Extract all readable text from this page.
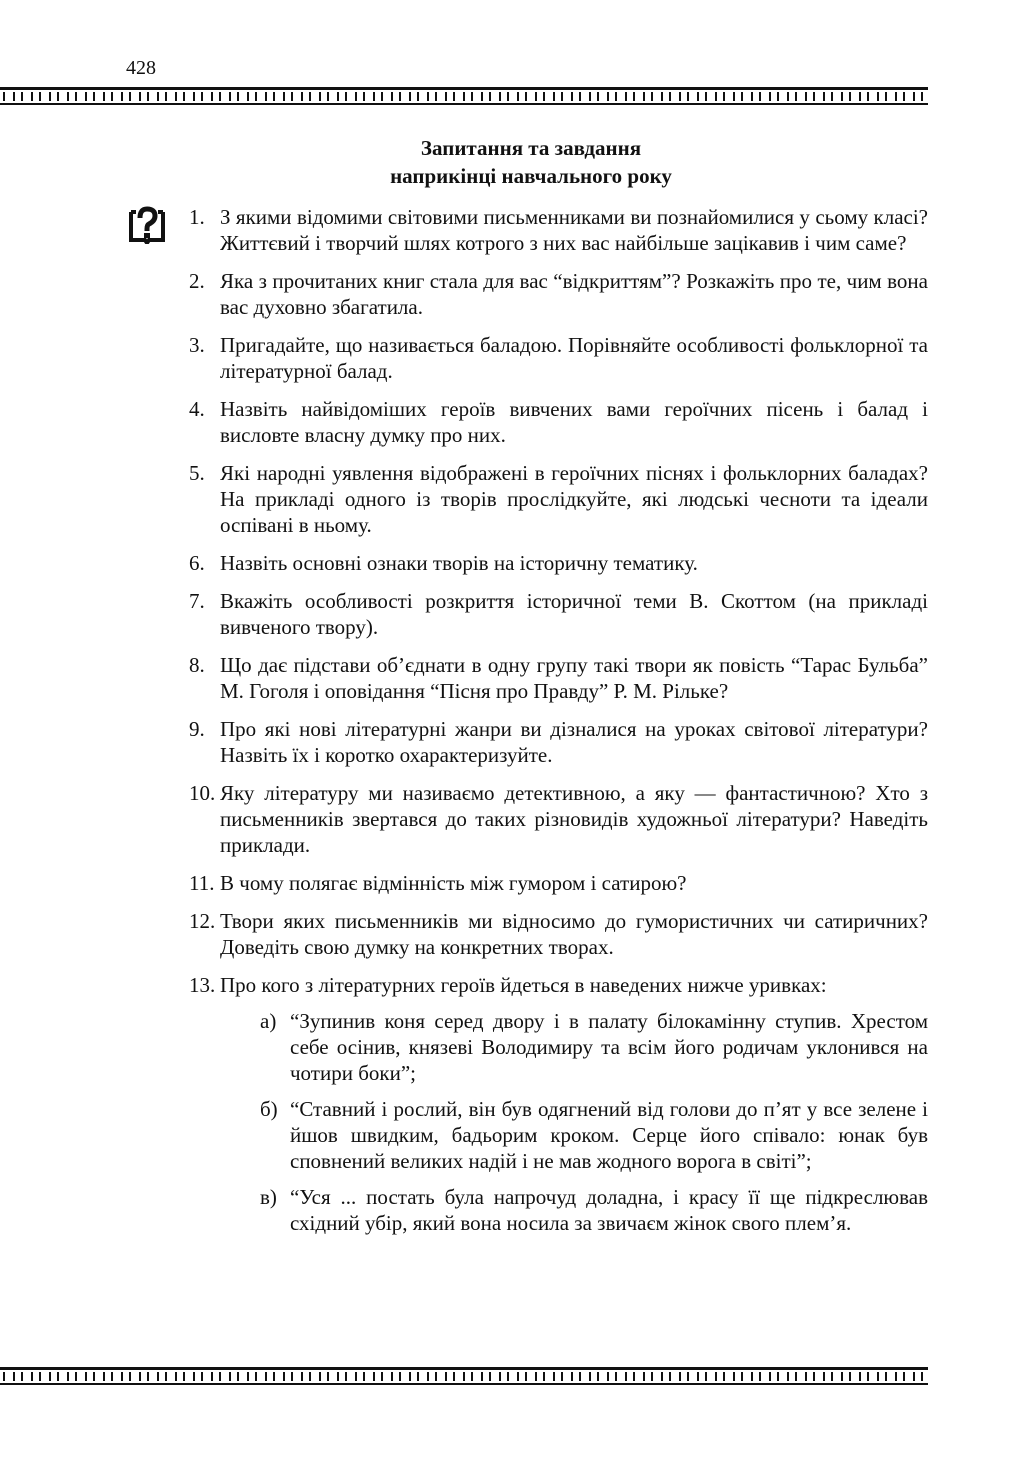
428
Запитання та завдання
наприкінці навчального року
1. З якими відомими світовими письменниками ви познайомилися у сьому класі? Життєвий і творчий шлях котрого з них вас найбільше зацікавив і чим саме?
2. Яка з прочитаних книг стала для вас “відкриттям”? Розкажіть про те, чим вона вас духовно збагатила.
3. Пригадайте, що називається баладою. Порівняйте особливості фольклорної та літературної балад.
4. Назвіть найвідоміших героїв вивчених вами героїчних пісень і балад і висловте власну думку про них.
5. Які народні уявлення відображені в героїчних піснях і фольклорних баладах? На прикладі одного із творів прослідкуйте, які людські чесноти та ідеали оспівані в ньому.
6. Назвіть основні ознаки творів на історичну тематику.
7. Вкажіть особливості розкриття історичної теми В. Скоттом (на прикладі вивченого твору).
8. Що дає підстави об’єднати в одну групу такі твори як повість “Тарас Бульба” М. Гоголя і оповідання “Пісня про Правду” Р. М. Рільке?
9. Про які нові літературні жанри ви дізналися на уроках світової літератури? Назвіть їх і коротко охарактеризуйте.
10. Яку літературу ми називаємо детективною, а яку — фантастичною? Хто з письменників звертався до таких різновидів художньої літератури? Наведіть приклади.
11. В чому полягає відмінність між гумором і сатирою?
12. Твори яких письменників ми відносимо до гумористичних чи сатиричних? Доведіть свою думку на конкретних творах.
13. Про кого з літературних героїв йдеться в наведених нижче уривках:
а) “Зупинив коня серед двору і в палату білокамінну ступив. Хрестом себе осінив, князеві Володимиру та всім його родичам уклонився на чотири боки”;
б) “Ставний і рослий, він був одягнений від голови до п’ят у все зелене і йшов швидким, бадьорим кроком. Серце його співало: юнак був сповнений великих надій і не мав жодного ворога в світі”;
в) “Уся ... постать була напрочуд доладна, і красу її ще підкреслював східний убір, який вона носила за звичаєм жінок свого плем’я.
